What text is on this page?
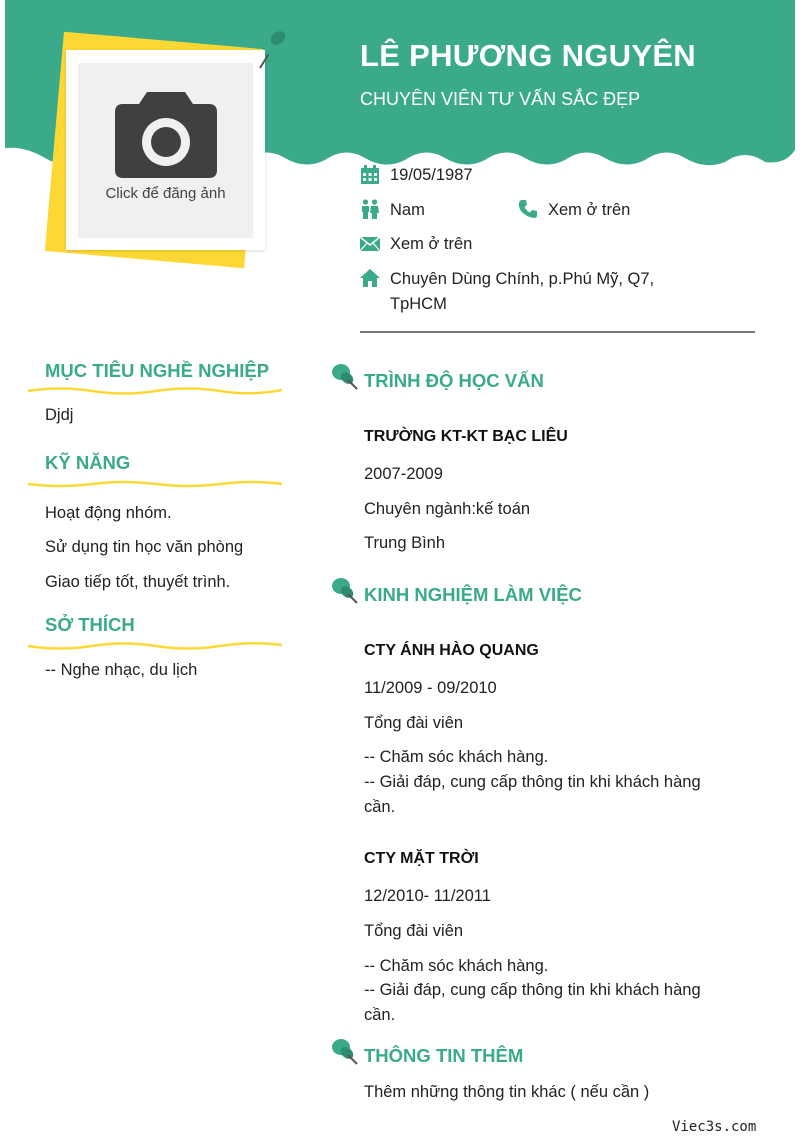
LÊ PHƯƠNG NGUYÊN
CHUYÊN VIÊN TƯ VẤN SẮC ĐẸP
Click để đăng ảnh
19/05/1987
Nam	Xem ở trên
Xem ở trên
Chuyên Dùng Chính, p.Phú Mỹ, Q7,
TpHCM
MỤC TIÊU NGHỀ NGHIỆP
Djdj
KỸ NĂNG
Hoạt động nhóm.
Sử dụng tin học văn phòng
Giao tiếp tốt, thuyết trình.
SỞ THÍCH
-- Nghe nhạc, du lịch
TRÌNH ĐỘ HỌC VẤN
TRƯỜNG KT-KT BẠC LIÊU
2007-2009
Chuyên ngành:kế toán
Trung Bình
KINH NGHIỆM LÀM VIỆC
CTY ÁNH HÀO QUANG
11/2009 - 09/2010
Tổng đài viên
-- Chăm sóc khách hàng.
-- Giải đáp, cung cấp thông tin khi khách hàng
cần.
CTY MẶT TRỜI
12/2010- 11/2011
Tổng đài viên
-- Chăm sóc khách hàng.
-- Giải đáp, cung cấp thông tin khi khách hàng
cần.
THÔNG TIN THÊM
Thêm những thông tin khác ( nếu cần )
Viec3s.com
